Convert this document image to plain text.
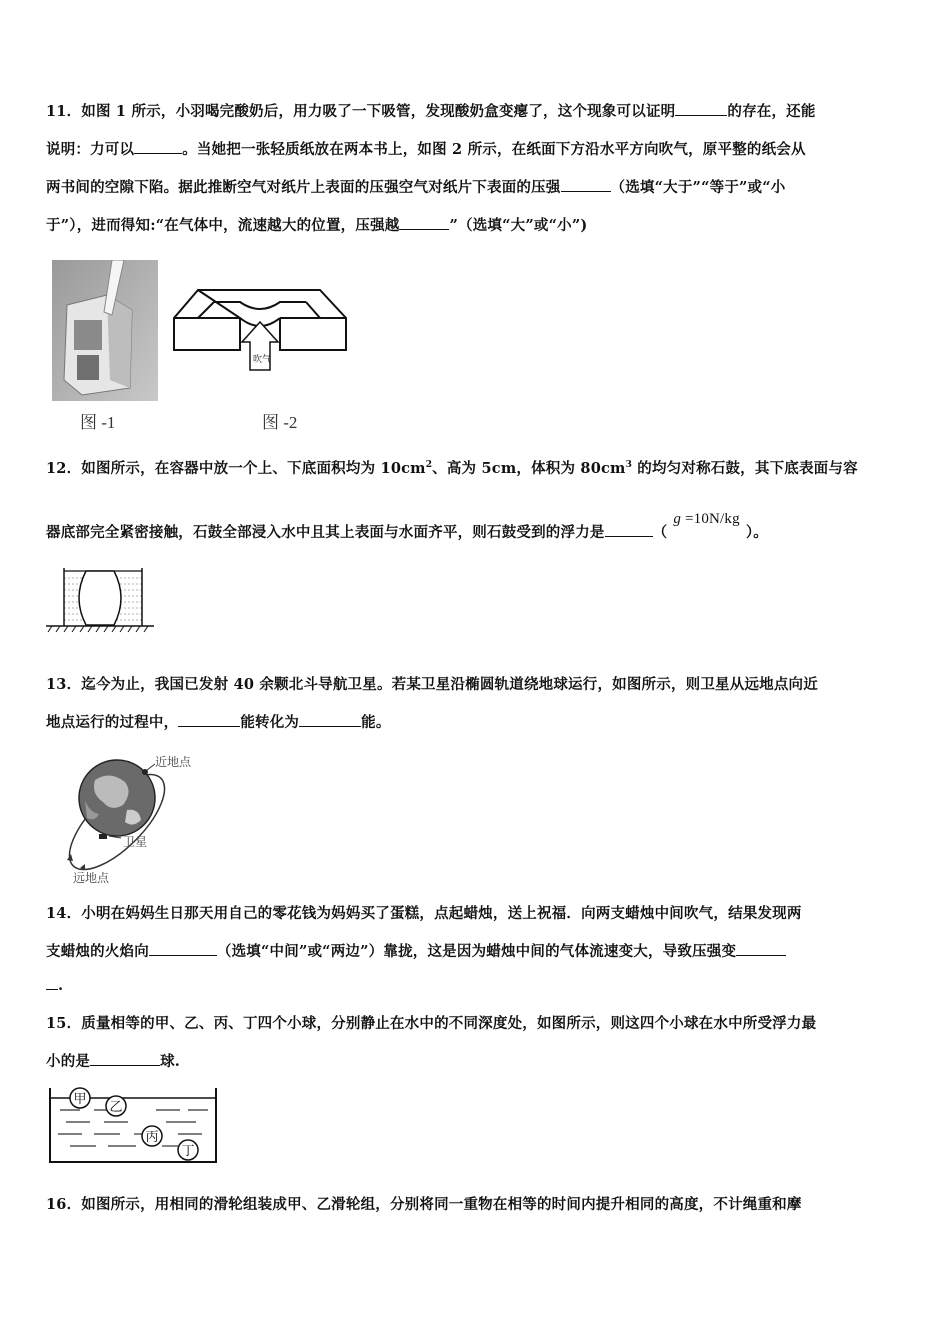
11．如图 1 所示，小羽喝完酸奶后，用力吸了一下吸管，发现酸奶盒变瘪了，这个现象可以证明	的存在，还能
说明：力可以	。当她把一张轻质纸放在两本书上，如图 2 所示，在纸面下方沿水平方向吹气，原平整的纸会从
两书间的空隙下陷。据此推断空气对纸片上表面的压强空气对纸片下表面的压强	（选填“大于”“等于”或“小
于”），进而得知:“在气体中，流速越大的位置，压强越	”（选填“大”或“小”)
图 -1
吹气
图 -2
12．如图所示，在容器中放一个上、下底面积均为 $10cm^2$、高为 5cm，体积为 $80cm^3$ 的均匀对称石鼓，其下底表面与容
器底部完全紧密接触，石鼓全部浸入水中且其上表面与水面齐平，则石鼓受到的浮力是	（g =10N/kg）。
13．迄今为止，我国已发射 40 余颗北斗导航卫星。若某卫星沿椭圆轨道绕地球运行，如图所示，则卫星从远地点向近
地点运行的过程中，	能转化为	能。
近地点
卫星
远地点
14．小明在妈妈生日那天用自己的零花钱为妈妈买了蛋糕，点起蜡烛，送上祝福．向两支蜡烛中间吹气，结果发现两
支蜡烛的火焰向	（选填“中间”或“两边”）靠拢，这是因为蜡烛中间的气体流速变大，导致压强变
.
15．质量相等的甲、乙、丙、丁四个小球，分别静止在水中的不同深度处，如图所示，则这四个小球在水中所受浮力最
小的是	球.
甲
乙
丙
丁
16．如图所示，用相同的滑轮组装成甲、乙滑轮组，分别将同一重物在相等的时间内提升相同的高度，不计绳重和摩
